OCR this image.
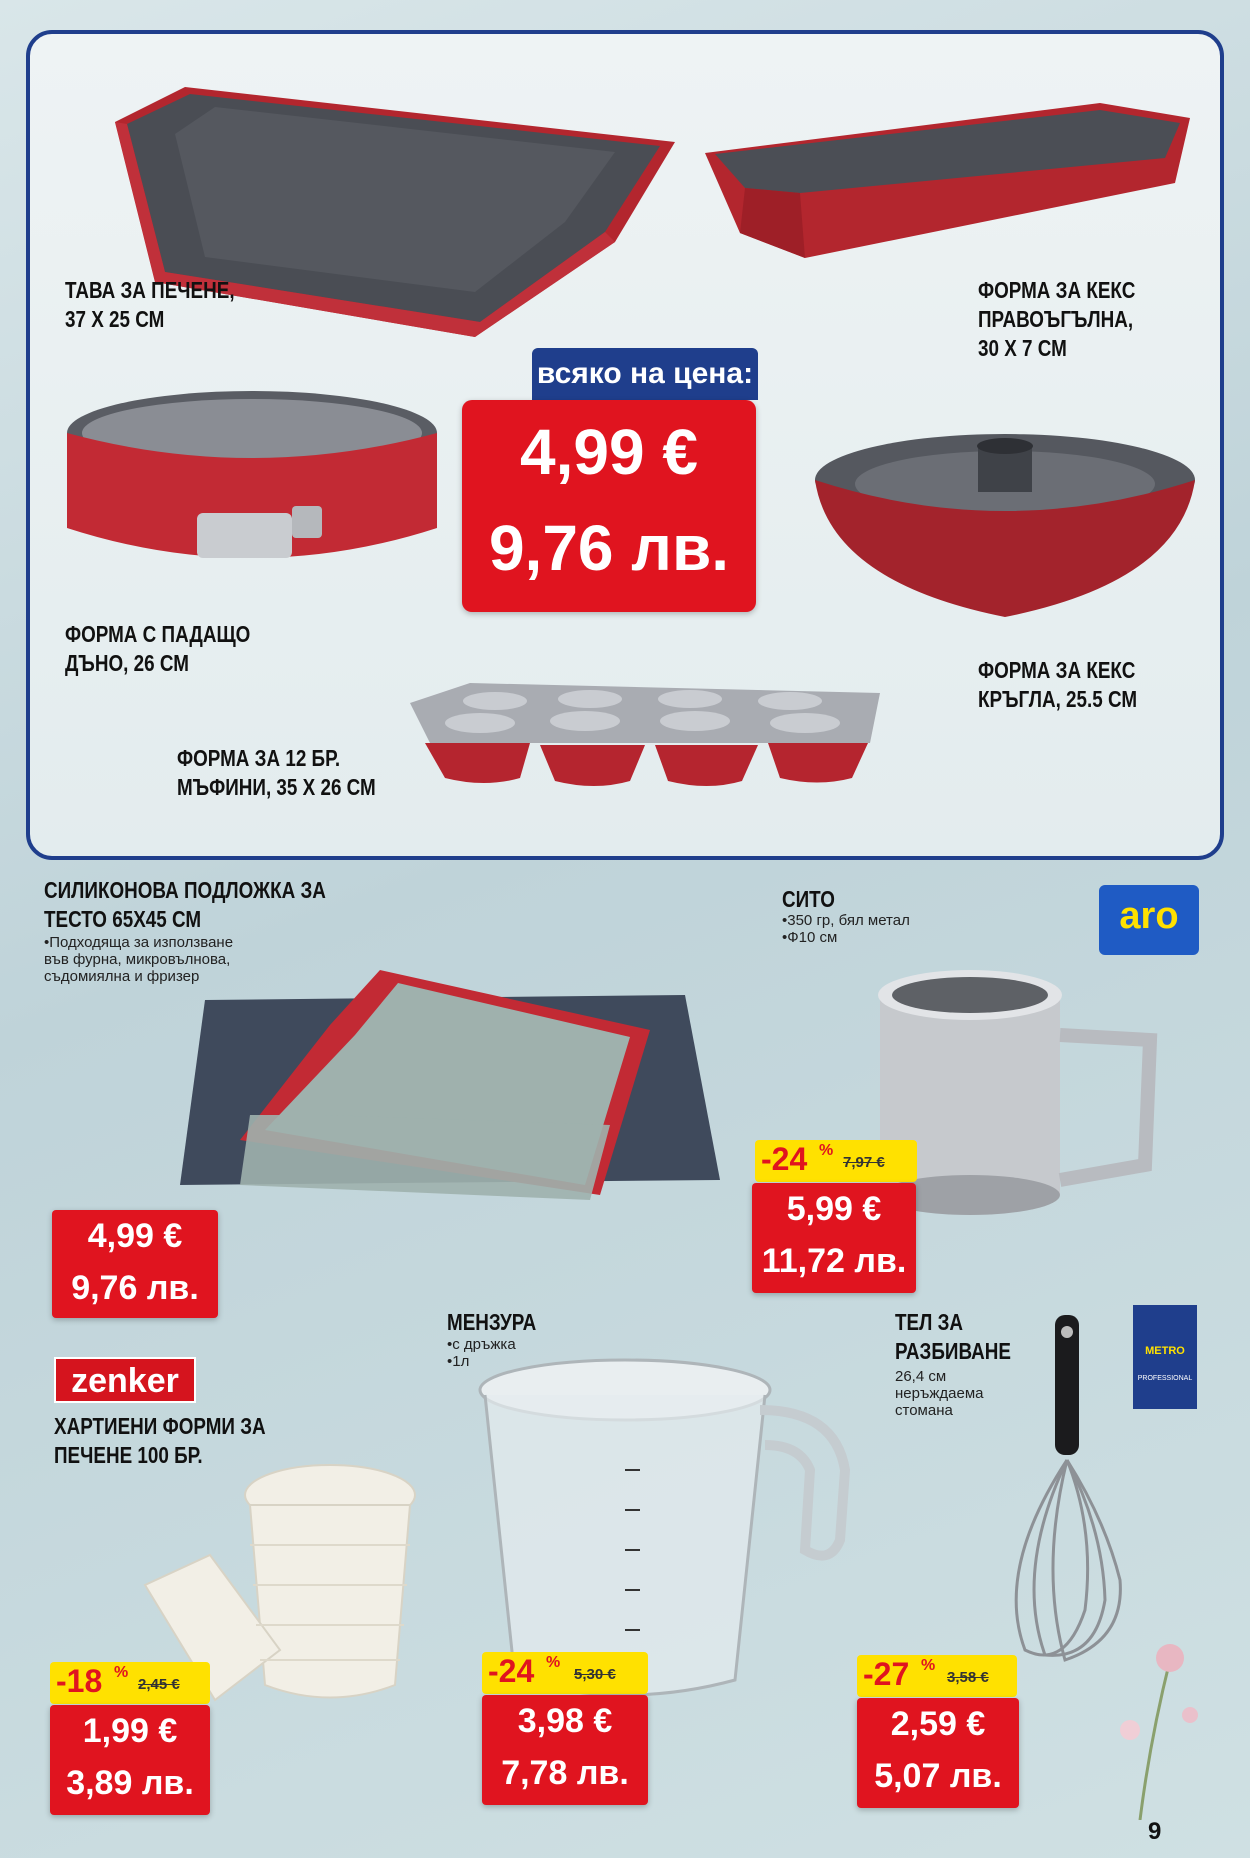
ТАВА ЗА ПЕЧЕНЕ,
37 X 25 СМ
ФОРМА ЗА КЕКС
ПРАВОЪГЪЛНА,
30 X 7 СМ
всяко на цена:
4,99 €
9,76 лв.
ФОРМА С ПАДАЩО
ДЪНО, 26 СМ	ФОРМА ЗА КЕКС
КРЪГЛА, 25.5 СМ
ФОРМА ЗА 12 БР.
МЪФИНИ, 35 X 26 СМ
СИЛИКОНОВА ПОДЛОЖКА ЗА
ТЕСТО 65X45 СМ
•Подходяща за използване
във фурна, микровълнова,
съдомиялна и фризер
4,99 €
9,76 лв.
СИТО
•350 гр, бял метал
•Ф10 см
aro
-24 %
7,97 €
5,99 €
11,72 лв.
zenker
ХАРТИЕНИ ФОРМИ ЗА
ПЕЧЕНЕ 100 БР.
-18 %
2,45 €
1,99 €
3,89 лв.
МЕНЗУРА
•с дръжка
•1л
-24 %
5,30 €
3,98 €
7,78 лв.
ТЕЛ ЗА
РАЗБИВАНЕ
26,4 см
неръждаема
стомана
METRO
PROFESSIONAL
-27 %
3,58 €
2,59 €
5,07 лв.
9
